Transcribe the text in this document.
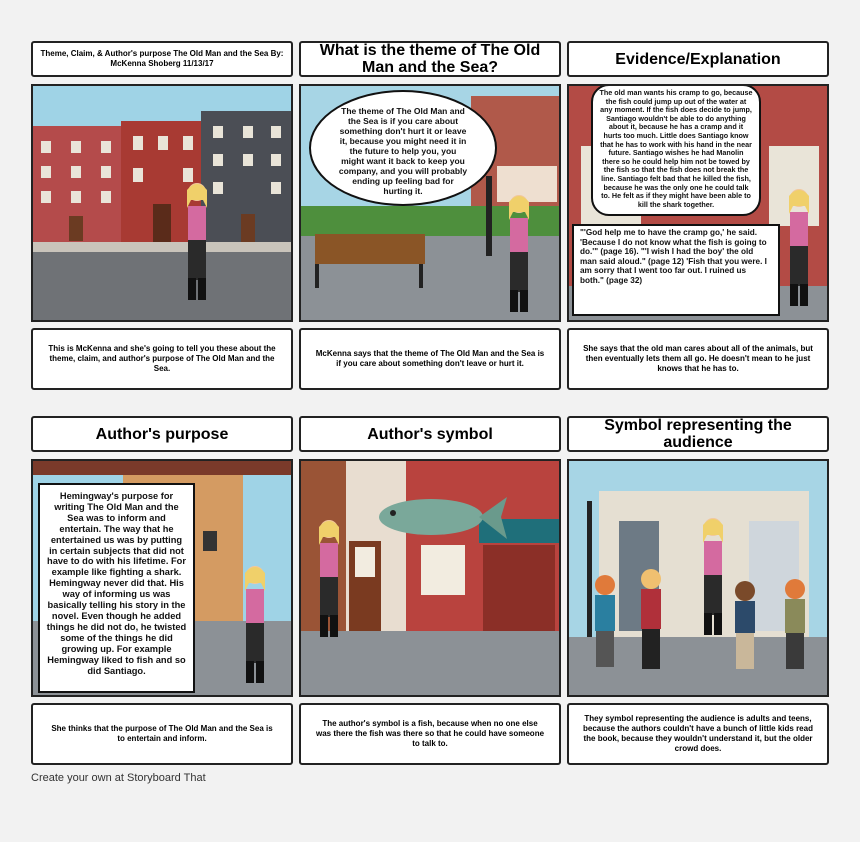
Theme, Claim, & Author's purpose The Old Man and the Sea By: McKenna Shoberg 11/13/17
What is the theme of The Old Man and the Sea?	Evidence/Explanation
The theme of The Old Man and the Sea is if you care about something don't hurt it or leave it, because you might need it in the future to help you, you might want it back to keep you company, and you will probably ending up feeling bad for hurting it.
The old man wants his cramp to go, because the fish could jump up out of the water at any moment. If the fish does decide to jump, Santiago wouldn't be able to do anything about it, because he has a cramp and it hurts too much. Little does Santiago know that he has to work with his hand in the near future. Santiago wishes he had Manolin there so he could help him not be towed by the fish so that the fish does not break the line. Santiago felt bad that he killed the fish, because he was the only one he could talk to. He felt as if they might have been able to kill the shark together.
"'God help me to have the cramp go,' he said. 'Because I do not know what the fish is going to do.'" (page 16). "'I wish I had the boy' the old man said aloud." (page 12) 'Fish that you were. I am sorry that I went too far out. I ruined us both." (page 32)
This is McKenna and she's going to tell you these about the theme, claim, and author's purpose of The Old Man and the Sea.
McKenna says that the theme of The Old Man and the Sea is if you care about something don't leave or hurt it.
She says that the old man cares about all of the animals, but then eventually lets them all go. He doesn't mean to he just knows that he has to.
Author's purpose	Author's symbol	Symbol representing the audience
Hemingway's purpose for writing The Old Man and the Sea was to inform and entertain. The way that he entertained us was by putting in certain subjects that did not have to do with his lifetime. For example like fighting a shark. Hemingway never did that. His way of informing us was basically telling his story in the novel. Even though he added things he did not do, he twisted some of the things he did growing up. For example Hemingway liked to fish and so did Santiago.
She thinks that the purpose of The Old Man and the Sea is to entertain and inform.
The author's symbol is a fish, because when no one else was there the fish was there so that he could have someone to talk to.
They symbol representing the audience is adults and teens, because the authors couldn't have a bunch of little kids read the book, because they wouldn't understand it, but the older crowd does.
Create your own at Storyboard That
